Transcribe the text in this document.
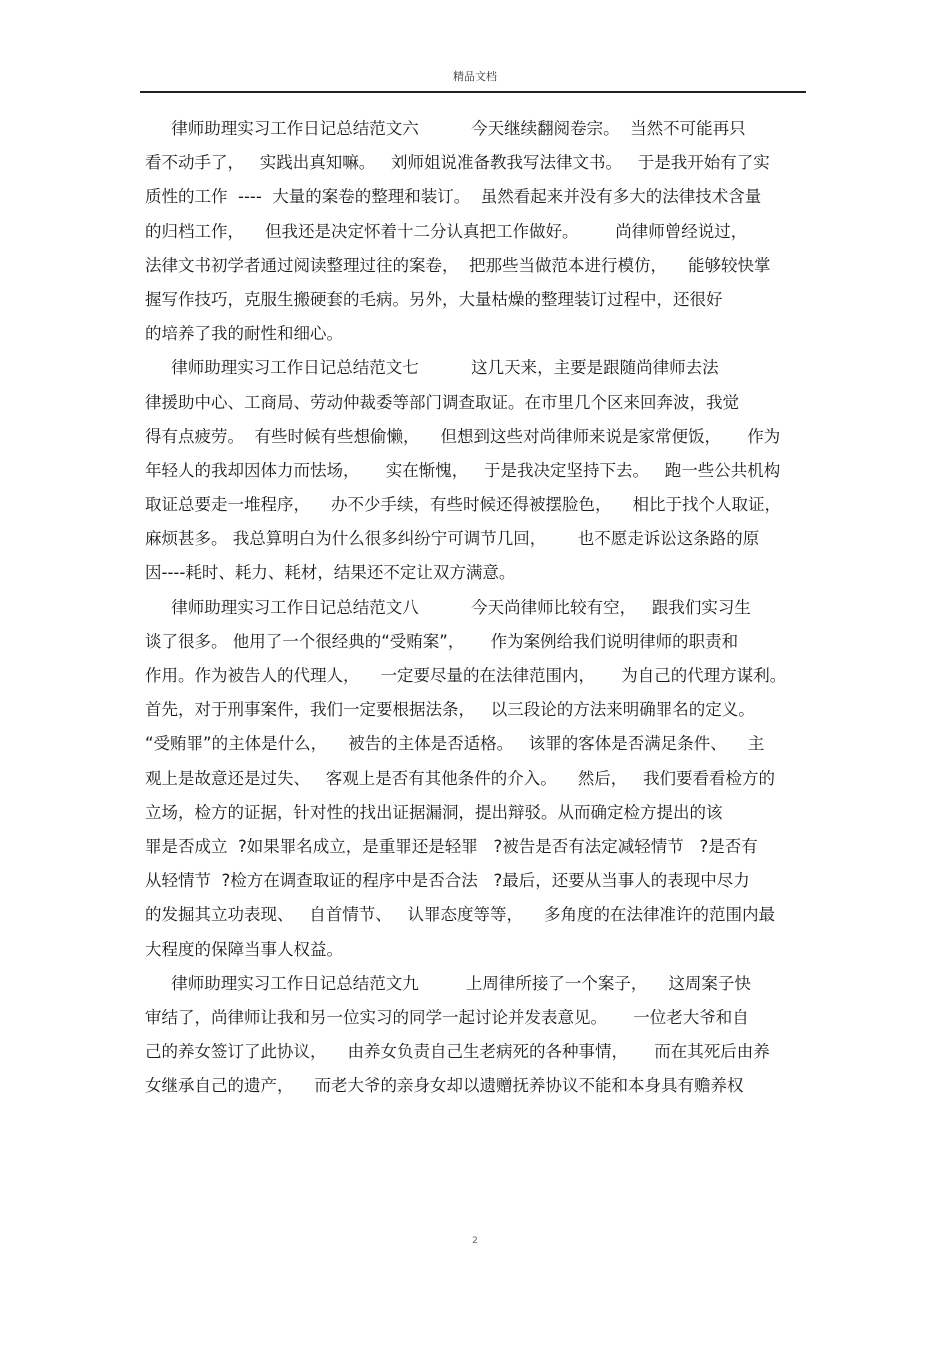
精品文档
律师助理实习工作日记总结范文六          今天继续翻阅卷宗。  当然不可能再只
看不动手了，   实践出真知嘛。   刘师姐说准备教我写法律文书。   于是我开始有了实
质性的工作  ----  大量的案卷的整理和装订。  虽然看起来并没有多大的法律技术含量
的归档工作，    但我还是决定怀着十二分认真把工作做好。       尚律师曾经说过，
法律文书初学者通过阅读整理过往的案卷，  把那些当做范本进行模仿，    能够较快掌
握写作技巧，克服生搬硬套的毛病。另外，大量枯燥的整理装订过程中，还很好
的培养了我的耐性和细心。
律师助理实习工作日记总结范文七          这几天来，主要是跟随尚律师去法
律援助中心、工商局、劳动仲裁委等部门调查取证。在市里几个区来回奔波，我觉
得有点疲劳。  有些时候有些想偷懒，    但想到这些对尚律师来说是家常便饭，     作为
年轻人的我却因体力而怯场，     实在惭愧，   于是我决定坚持下去。   跑一些公共机构
取证总要走一堆程序，    办不少手续，有些时候还得被摆脸色，    相比于找个人取证，
麻烦甚多。 我总算明白为什么很多纠纷宁可调节几回，      也不愿走诉讼这条路的原
因----耗时、耗力、耗材，结果还不定让双方满意。
律师助理实习工作日记总结范文八          今天尚律师比较有空，   跟我们实习生
谈了很多。 他用了一个很经典的“受贿案”，     作为案例给我们说明律师的职责和
作用。作为被告人的代理人，    一定要尽量的在法律范围内，     为自己的代理方谋利。
首先，对于刑事案件，我们一定要根据法条，   以三段论的方法来明确罪名的定义。
“受贿罪”的主体是什么，    被告的主体是否适格。   该罪的客体是否满足条件、    主
观上是故意还是过失、   客观上是否有其他条件的介入。    然后，   我们要看看检方的
立场，检方的证据，针对性的找出证据漏洞，提出辩驳。从而确定检方提出的该
罪是否成立  ?如果罪名成立，是重罪还是轻罪   ?被告是否有法定减轻情节   ?是否有
从轻情节  ?检方在调查取证的程序中是否合法   ?最后，还要从当事人的表现中尽力
的发掘其立功表现、   自首情节、   认罪态度等等，    多角度的在法律准许的范围内最
大程度的保障当事人权益。
律师助理实习工作日记总结范文九         上周律所接了一个案子，    这周案子快
审结了，尚律师让我和另一位实习的同学一起讨论并发表意见。     一位老大爷和自
己的养女签订了此协议，    由养女负责自己生老病死的各种事情，     而在其死后由养
女继承自己的遗产，    而老大爷的亲身女却以遗赠抚养协议不能和本身具有赡养权
2
